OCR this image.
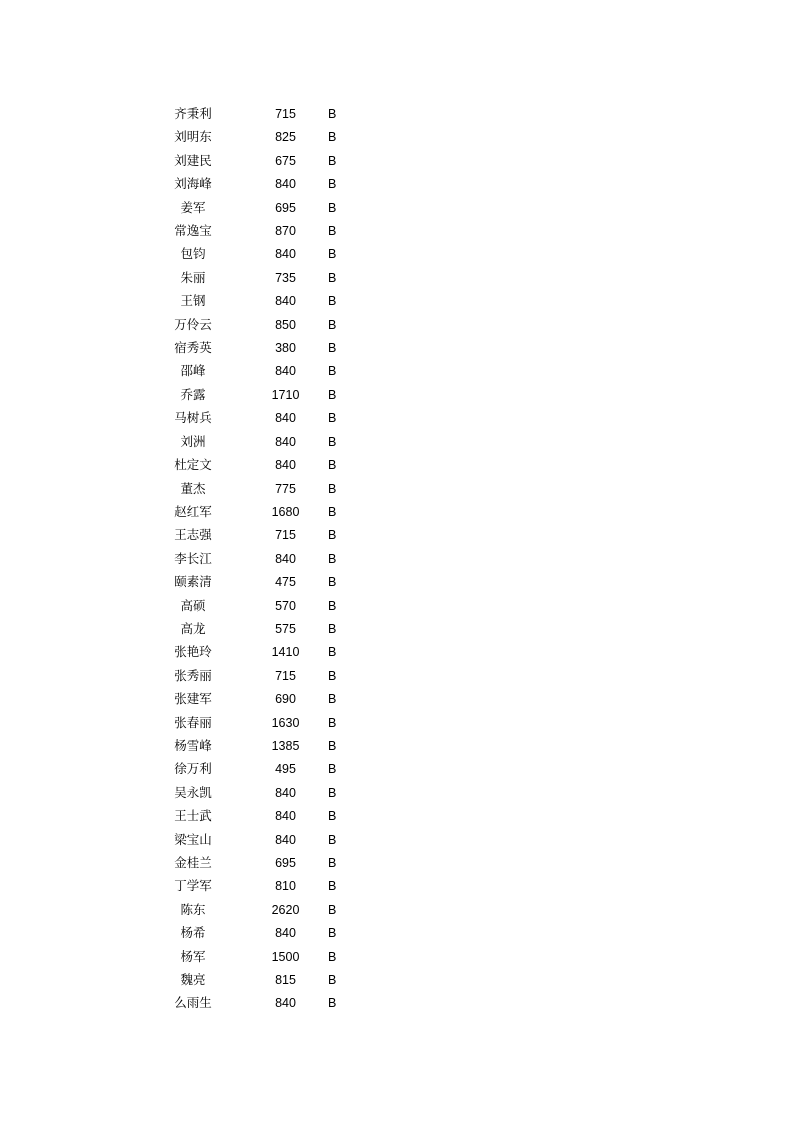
齐秉利	715	B
刘明东	825	B
刘建民	675	B
刘海峰	840	B
姜军	695	B
常逸宝	870	B
包钧	840	B
朱丽	735	B
王钢	840	B
万伶云	850	B
宿秀英	380	B
邵峰	840	B
乔露	1710	B
马树兵	840	B
刘洲	840	B
杜定文	840	B
董杰	775	B
赵红军	1680	B
王志强	715	B
李长江	840	B
颐素清	475	B
高硕	570	B
高龙	575	B
张艳玲	1410	B
张秀丽	715	B
张建军	690	B
张春丽	1630	B
杨雪峰	1385	B
徐万利	495	B
吴永凯	840	B
王士武	840	B
梁宝山	840	B
金桂兰	695	B
丁学军	810	B
陈东	2620	B
杨希	840	B
杨军	1500	B
魏亮	815	B
么雨生	840	B
